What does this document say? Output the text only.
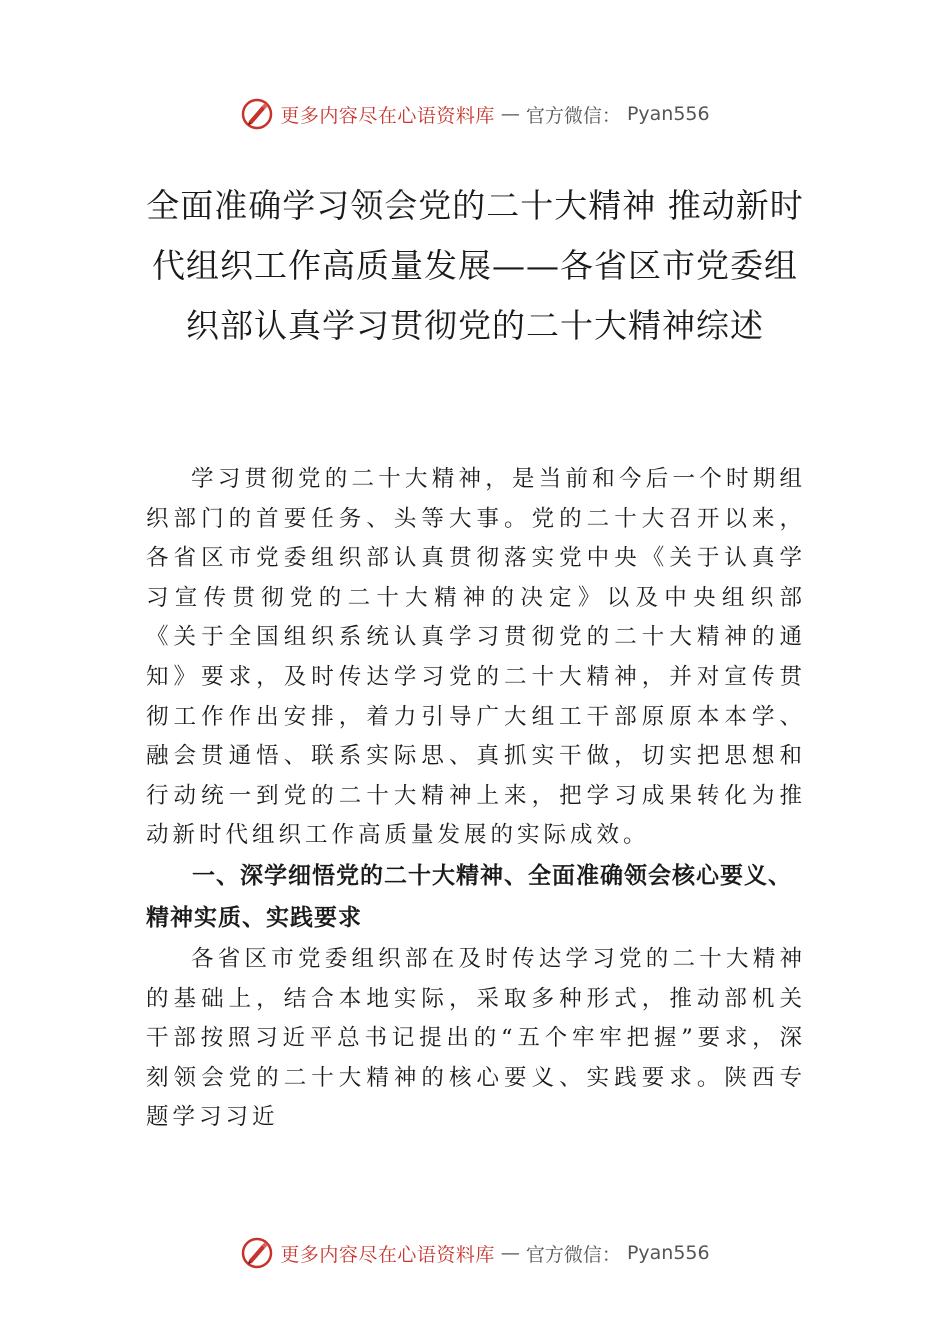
更多内容尽在心语资料库 — 官方微信： Pyan556
全面准确学习领会党的二十大精神 推动新时代组织工作高质量发展——各省区市党委组织部认真学习贯彻党的二十大精神综述

学习贯彻党的二十大精神，是当前和今后一个时期组织部门的首要任务、头等大事。党的二十大召开以来，各省区市党委组织部认真贯彻落实党中央《关于认真学习宣传贯彻党的二十大精神的决定》以及中央组织部《关于全国组织系统认真学习贯彻党的二十大精神的通知》要求，及时传达学习党的二十大精神，并对宣传贯彻工作作出安排，着力引导广大组工干部原原本本学、融会贯通悟、联系实际思、真抓实干做，切实把思想和行动统一到党的二十大精神上来，把学习成果转化为推动新时代组织工作高质量发展的实际成效。

一、深学细悟党的二十大精神、全面准确领会核心要义、精神实质、实践要求

各省区市党委组织部在及时传达学习党的二十大精神的基础上，结合本地实际，采取多种形式，推动部机关干部按照习近平总书记提出的“五个牢牢把握”要求，深刻领会党的二十大精神的核心要义、实践要求。陕西专题学习习近

更多内容尽在心语资料库 — 官方微信： Pyan556
